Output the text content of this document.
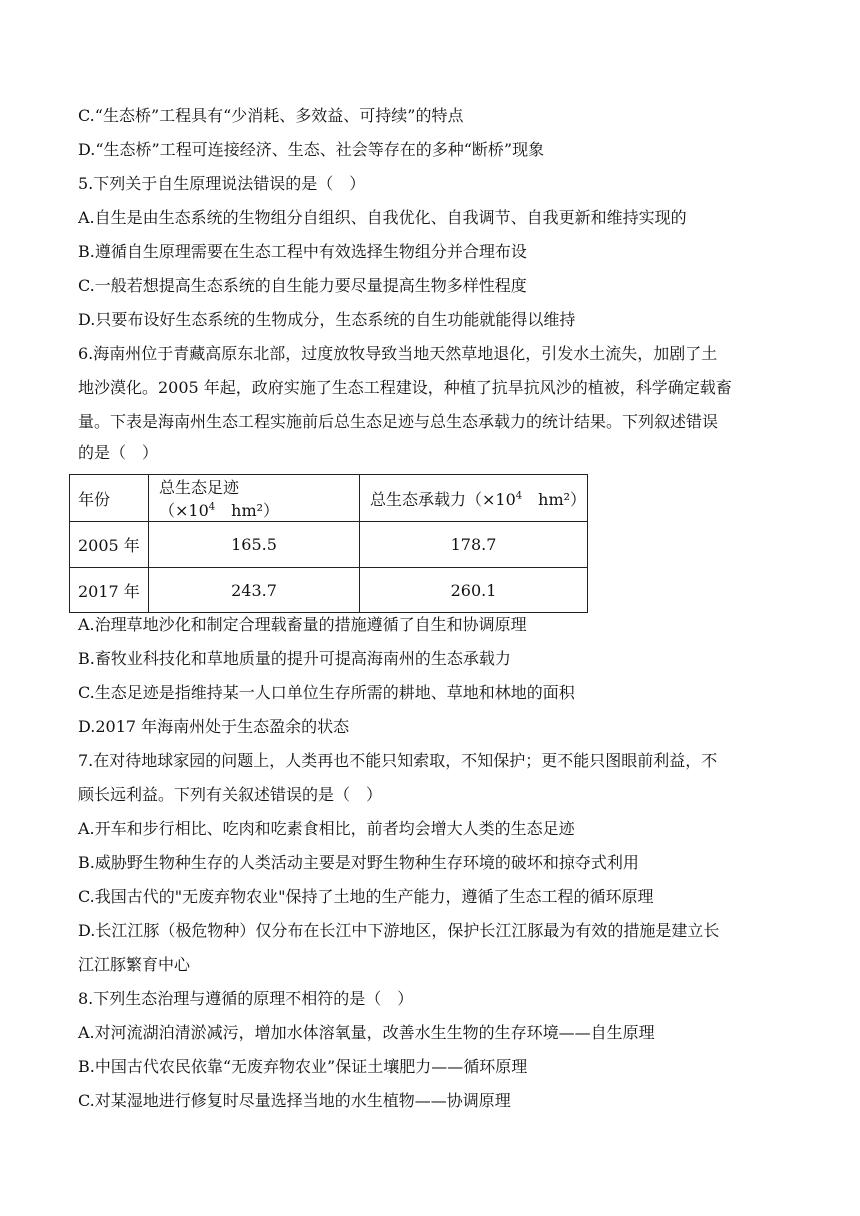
C.“生态桥”工程具有“少消耗、多效益、可持续”的特点
D.“生态桥”工程可连接经济、生态、社会等存在的多种“断桥”现象
5.下列关于自生原理说法错误的是（　）
A.自生是由生态系统的生物组分自组织、自我优化、自我调节、自我更新和维持实现的
B.遵循自生原理需要在生态工程中有效选择生物组分并合理布设
C.一般若想提高生态系统的自生能力要尽量提高生物多样性程度
D.只要布设好生态系统的生物成分，生态系统的自生功能就能得以维持
6.海南州位于青藏高原东北部，过度放牧导致当地天然草地退化，引发水土流失，加剧了土
地沙漠化。2005 年起，政府实施了生态工程建设，种植了抗旱抗风沙的植被，科学确定载畜
量。下表是海南州生态工程实施前后总生态足迹与总生态承载力的统计结果。下列叙述错误
的是（　）
年份	总生态足迹（$\times 10^4$　hm²）	总生态承载力（$\times 10^4$　hm²）
2005 年	165.5	178.7
2017 年	243.7	260.1
A.治理草地沙化和制定合理载畜量的措施遵循了自生和协调原理
B.畜牧业科技化和草地质量的提升可提高海南州的生态承载力
C.生态足迹是指维持某一人口单位生存所需的耕地、草地和林地的面积
D.2017 年海南州处于生态盈余的状态
7.在对待地球家园的问题上，人类再也不能只知索取，不知保护；更不能只图眼前利益，不
顾长远利益。下列有关叙述错误的是（　）
A.开车和步行相比、吃肉和吃素食相比，前者均会增大人类的生态足迹
B.威胁野生物种生存的人类活动主要是对野生物种生存环境的破坏和掠夺式利用
C.我国古代的"无废弃物农业"保持了土地的生产能力，遵循了生态工程的循环原理
D.长江江豚（极危物种）仅分布在长江中下游地区，保护长江江豚最为有效的措施是建立长
江江豚繁育中心
8.下列生态治理与遵循的原理不相符的是（　）
A.对河流湖泊清淤减污，增加水体溶氧量，改善水生生物的生存环境——自生原理
B.中国古代农民依靠“无废弃物农业”保证土壤肥力——循环原理
C.对某湿地进行修复时尽量选择当地的水生植物——协调原理
